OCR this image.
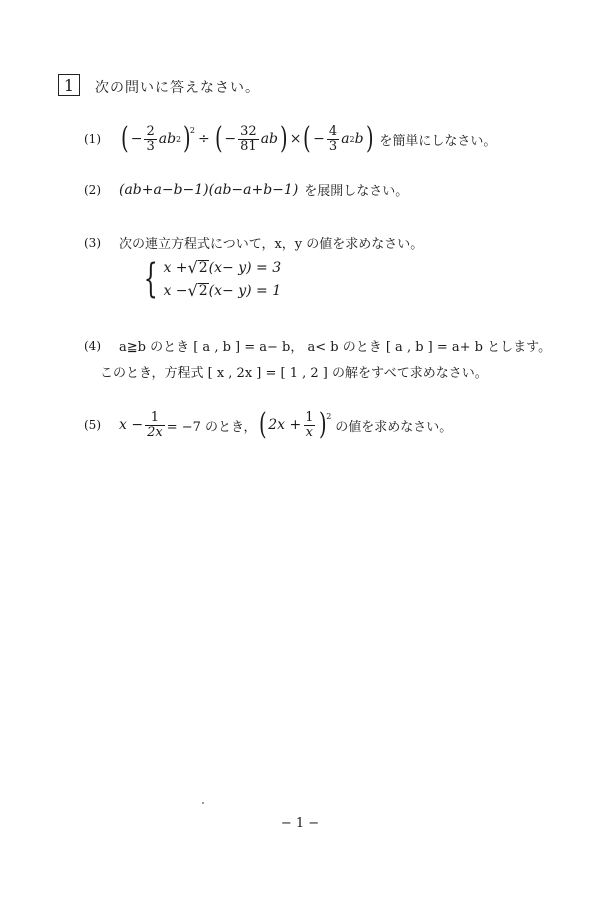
1	次の問いに答えなさい。
(1) ( − $\frac{2}{3}$ ab 2 ) 2
÷ ( − $\frac{32}{81}$ ab ) × ( − $\frac{4}{3}$ a 2 b ) を簡単にしなさい。
(2) (ab+a−b−1)(ab−a+b−1) を展開しなさい。
(3) 次の連立方程式について，x，y の値を求めなさい。
{ x + √ 2 (x− y) = 3
x − √ 2 (x− y) = 1
(4) a≧b のとき [ a , b ] = a− b， a< b のとき [ a , b ] = a+ b とします。
このとき，方程式 [ x , 2x ] = [ 1 , 2 ] の解をすべて求めなさい。
(5) $x - \frac{1}{2x} = -7$ のとき， ( $2x + \frac{1}{x}$ ) 2
の値を求めなさい。
− 1 −
